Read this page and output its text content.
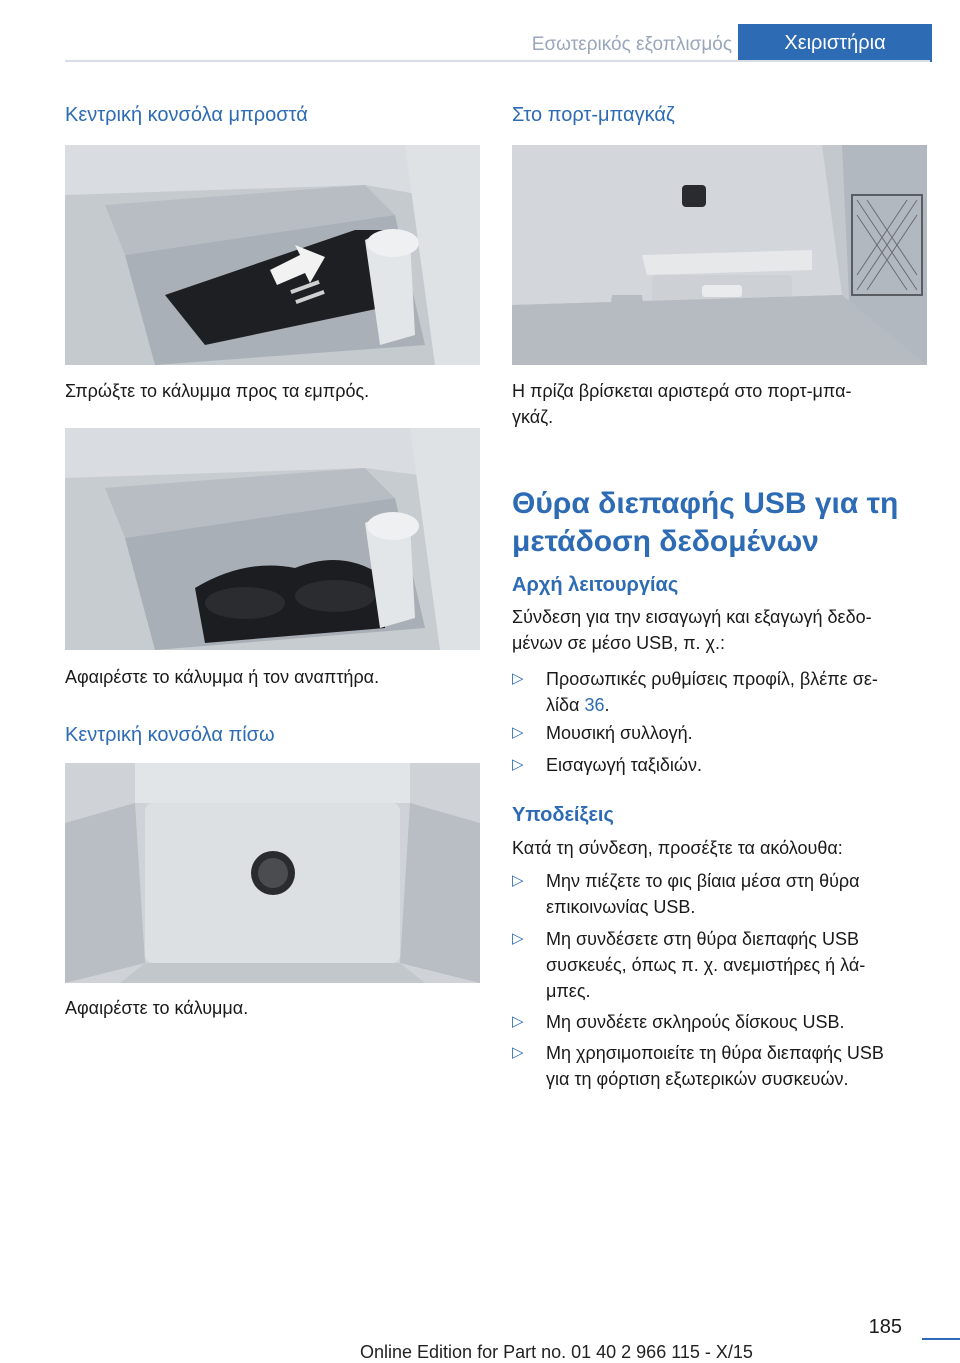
Εσωτερικός εξοπλισμός	Χειριστήρια
Κεντρική κονσόλα μπροστά

Σπρώξτε το κάλυμμα προς τα εμπρός.

Αφαιρέστε το κάλυμμα ή τον αναπτήρα.

Κεντρική κονσόλα πίσω

Αφαιρέστε το κάλυμμα.

Στο πορτ-μπαγκάζ

Η πρίζα βρίσκεται αριστερά στο πορτ-μπα-
γκάζ.

Θύρα διεπαφής USB για τη
μετάδοση δεδομένων
Αρχή λειτουργίας

Σύνδεση για την εισαγωγή και εξαγωγή δεδο-
μένων σε μέσο USB, π. χ.:

▷ Προσωπικές ρυθμίσεις προφίλ, βλέπε σε-
λίδα 36.
▷ Μουσική συλλογή.
▷ Εισαγωγή ταξιδιών.
Υποδείξεις

Κατά τη σύνδεση, προσέξτε τα ακόλουθα:

▷ Μην πιέζετε το φις βίαια μέσα στη θύρα
επικοινωνίας USB.
▷ Μη συνδέσετε στη θύρα διεπαφής USB
συσκευές, όπως π. χ. ανεμιστήρες ή λά-
μπες.
▷ Μη συνδέετε σκληρούς δίσκους USB.
▷ Μη χρησιμοποιείτε τη θύρα διεπαφής USB
για τη φόρτιση εξωτερικών συσκευών.
185
Online Edition for Part no. 01 40 2 966 115 - X/15
